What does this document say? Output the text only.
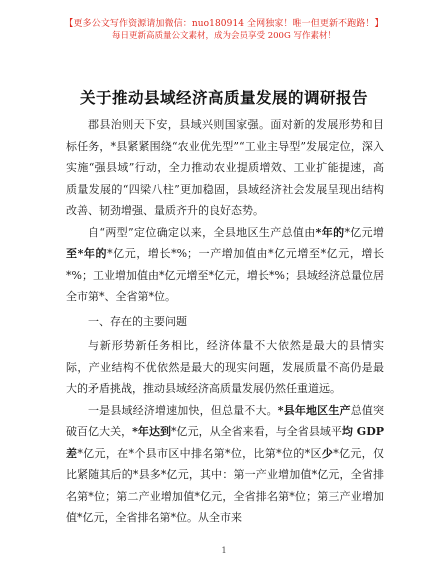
【更多公文写作资源请加微信：nuo180914 全网独家！唯一但更新不跑路！】
每日更新高质量公文素材，成为会员享受 200G 写作素材！
关于推动县域经济高质量发展的调研报告

郡县治则天下安，县域兴则国家强。面对新的发展形势和目标任务，*县紧紧围绕“农业优先型”“工业主导型”发展定位，深入实施“强县域”行动，全力推动农业提质增效、工业扩能提速，高质量发展的“四梁八柱”更加稳固，县域经济社会发展呈现出结构改善、韧劲增强、量质齐升的良好态势。

自“两型”定位确定以来，全县地区生产总值由*年的*亿元增至*年的*亿元，增长*%；一产增加值由*亿元增至*亿元，增长*%；工业增加值由*亿元增至*亿元，增长*%；县域经济总量位居全市第*、全省第*位。

一、存在的主要问题

与新形势新任务相比，经济体量不大依然是最大的县情实际，产业结构不优依然是最大的现实问题，发展质量不高仍是最大的矛盾挑战，推动县域经济高质量发展仍然任重道远。

一是县域经济增速加快，但总量不大。*县年地区生产总值突破百亿大关，*年达到*亿元，从全省来看，与全省县域平均 GDP 差*亿元，在*个县市区中排名第*位，比第*位的*区少*亿元，仅比紧随其后的*县多*亿元，其中：第一产业增加值*亿元，全省排名第*位；第二产业增加值*亿元，全省排名第*位；第三产业增加值*亿元，全省排名第*位。从全市来

1
